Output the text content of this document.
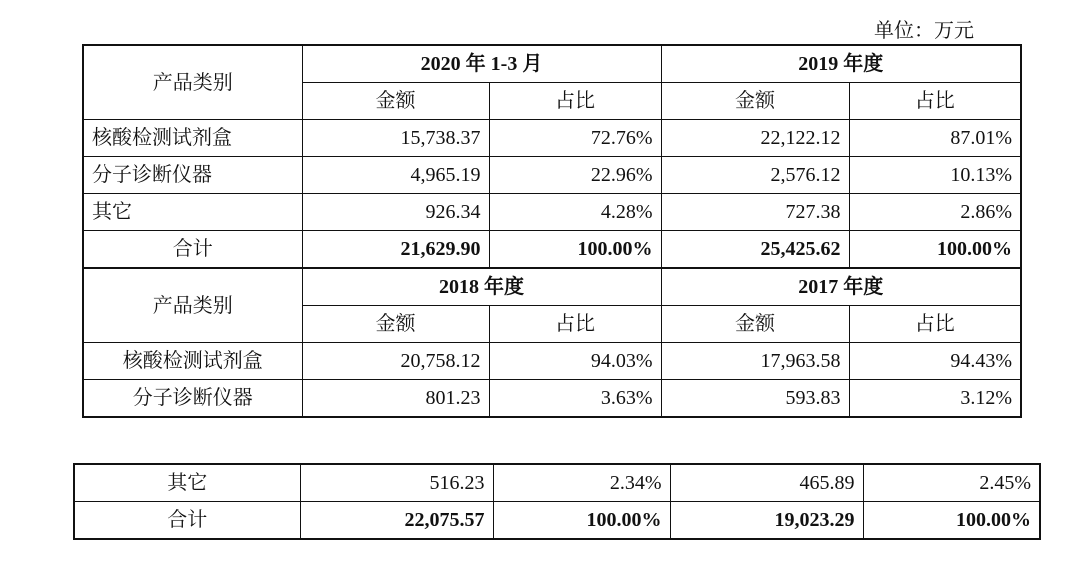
单位：万元
产品类别	2020 年 1-3 月		2019 年度	
	金额	占比	金额	占比
核酸检测试剂盒	15,738.37	72.76%	22,122.12	87.01%
分子诊断仪器	4,965.19	22.96%	2,576.12	10.13%
其它	926.34	4.28%	727.38	2.86%
合计	21,629.90	100.00%	25,425.62	100.00%
产品类别	2018 年度		2017 年度	
	金额	占比	金额	占比
核酸检测试剂盒	20,758.12	94.03%	17,963.58	94.43%
分子诊断仪器	801.23	3.63%	593.83	3.12%
其它	516.23	2.34%	465.89	2.45%
合计	22,075.57	100.00%	19,023.29	100.00%
